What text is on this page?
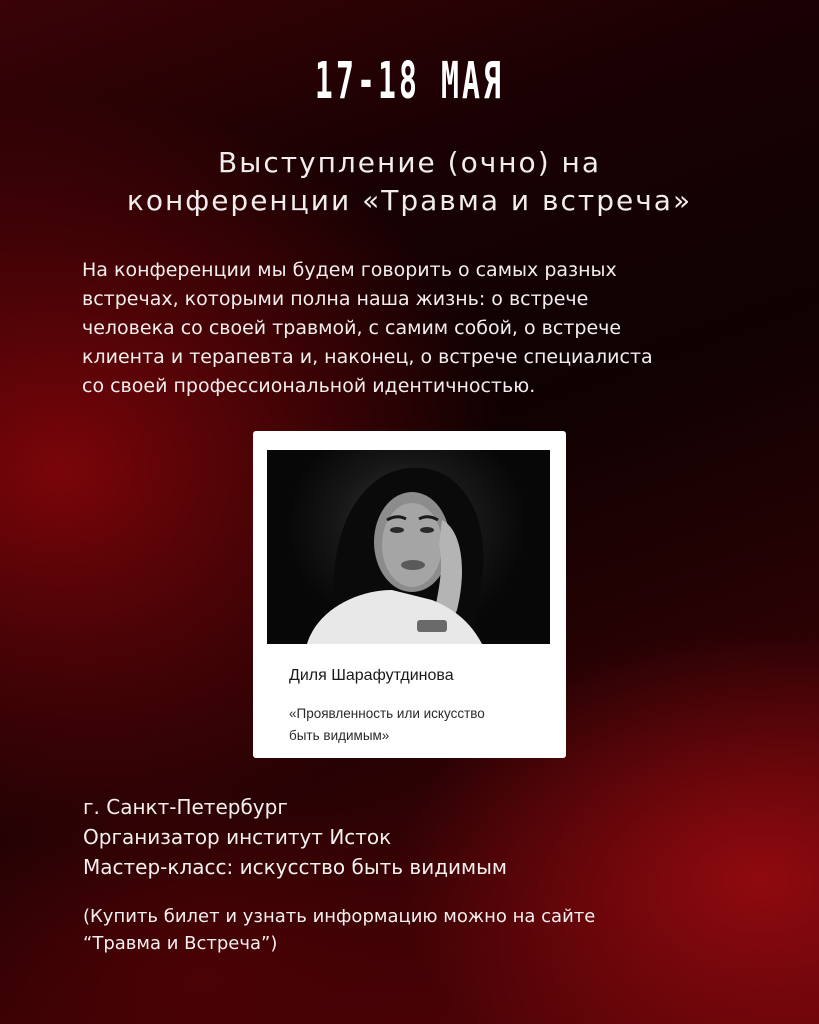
17-18 МАЯ
Выступление (очно) на
конференции «Травма и встреча»
На конференции мы будем говорить о самых разных
встречах, которыми полна наша жизнь: о встрече
человека со своей травмой, с самим собой, о встрече
клиента и терапевта и, наконец, о встрече специалиста
со своей профессиональной идентичностью.
Диля Шарафутдинова
«Проявленность или искусство
быть видимым»
г. Санкт-Петербург
Организатор институт Исток
Мастер-класс: искусство быть видимым
(Купить билет и узнать информацию можно на сайте
“Травма и Встреча”)
